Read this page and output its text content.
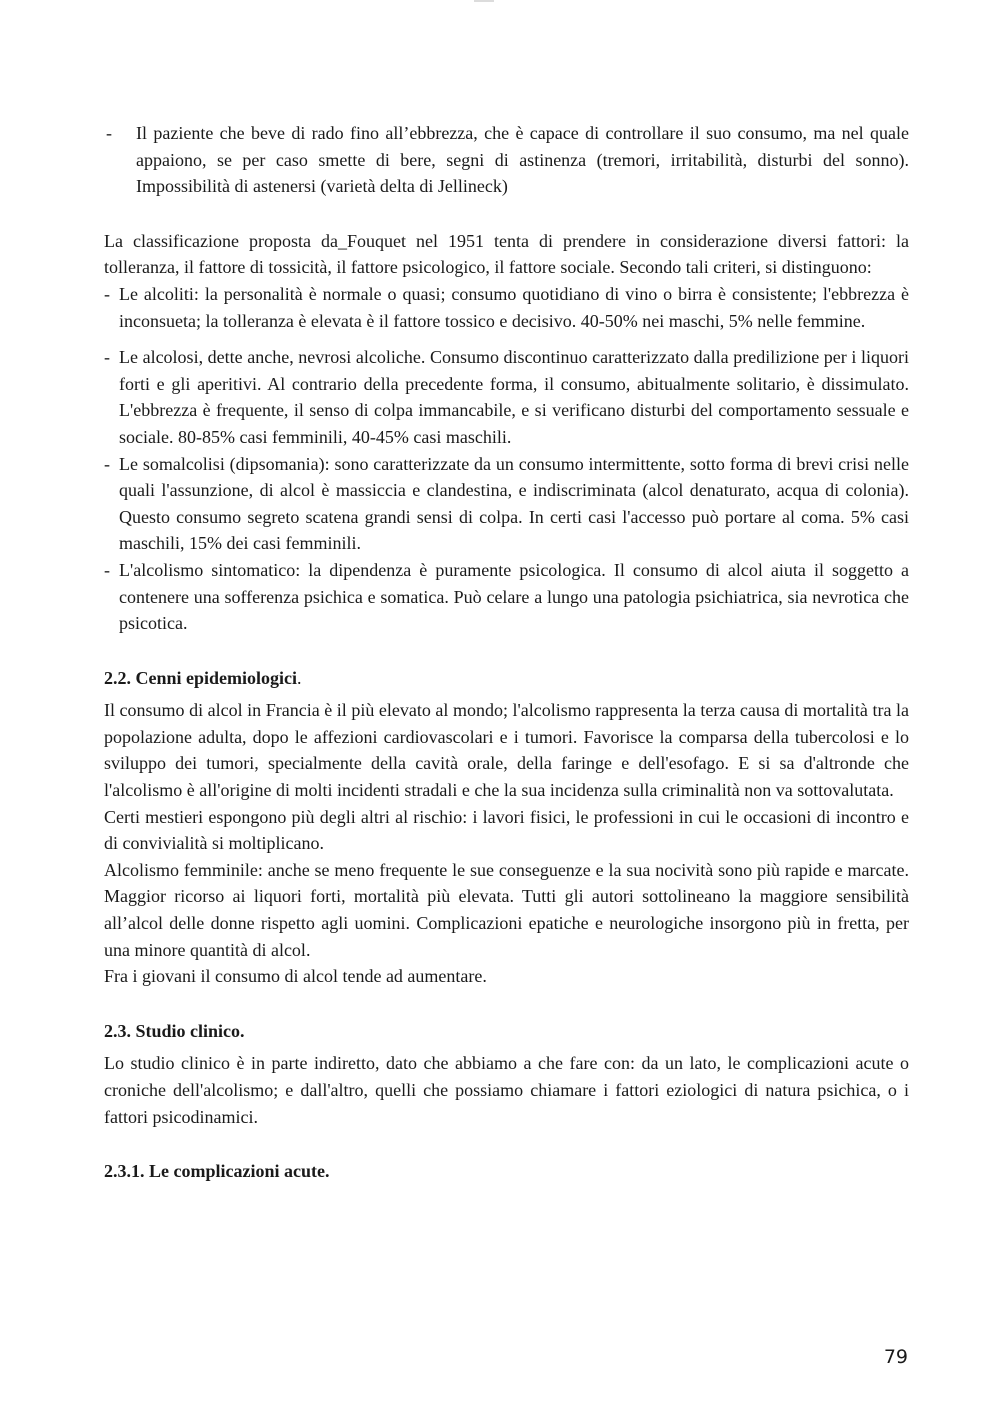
- Il paziente che beve di rado fino all’ebbrezza, che è capace di controllare il suo consumo, ma nel quale appaiono, se per caso smette di bere, segni di astinenza (tremori, irritabilità, disturbi del sonno). Impossibilità di astenersi (varietà delta di Jellineck)

La classificazione proposta da_Fouquet nel 1951 tenta di prendere in considerazione diversi fattori: la tolleranza, il fattore di tossicità, il fattore psicologico, il fattore sociale. Secondo tali criteri, si distinguono:

- Le alcoliti: la personalità è normale o quasi; consumo quotidiano di vino o birra è consistente; l'ebbrezza è inconsueta; la tolleranza è elevata è il fattore tossico e decisivo. 40-50% nei maschi, 5% nelle femmine.

- Le alcolosi, dette anche, nevrosi alcoliche. Consumo discontinuo caratterizzato dalla predilizione per i liquori forti e gli aperitivi. Al contrario della precedente forma, il consumo, abitualmente solitario, è dissimulato. L'ebbrezza è frequente, il senso di colpa immancabile, e si verificano disturbi del comportamento sessuale e sociale. 80-85% casi femminili, 40-45% casi maschili.

- Le somalcolisi (dipsomania): sono caratterizzate da un consumo intermittente, sotto forma di brevi crisi nelle quali l'assunzione, di alcol è massiccia e clandestina, e indiscriminata (alcol denaturato, acqua di colonia). Questo consumo segreto scatena grandi sensi di colpa. In certi casi l'accesso può portare al coma. 5% casi maschili, 15% dei casi femminili.

- L'alcolismo sintomatico: la dipendenza è puramente psicologica. Il consumo di alcol aiuta il soggetto a contenere una sofferenza psichica e somatica. Può celare a lungo una patologia psichiatrica, sia nevrotica che psicotica.

2.2. Cenni epidemiologici.

Il consumo di alcol in Francia è il più elevato al mondo; l'alcolismo rappresenta la terza causa di mortalità tra la popolazione adulta, dopo le affezioni cardiovascolari e i tumori. Favorisce la comparsa della tubercolosi e lo sviluppo dei tumori, specialmente della cavità orale, della faringe e dell'esofago. E si sa d'altronde che l'alcolismo è all'origine di molti incidenti stradali e che la sua incidenza sulla criminalità non va sottovalutata.

Certi mestieri espongono più degli altri al rischio: i lavori fisici, le professioni in cui le occasioni di incontro e di convivialità si moltiplicano.

Alcolismo femminile: anche se meno frequente le sue conseguenze e la sua nocività sono più rapide e marcate. Maggior ricorso ai liquori forti, mortalità più elevata. Tutti gli autori sottolineano la maggiore sensibilità all’alcol delle donne rispetto agli uomini. Complicazioni epatiche e neurologiche insorgono più in fretta, per una minore quantità di alcol.

Fra i giovani il consumo di alcol tende ad aumentare.

2.3. Studio clinico.

Lo studio clinico è in parte indiretto, dato che abbiamo a che fare con: da un lato, le complicazioni acute o croniche dell'alcolismo; e dall'altro, quelli che possiamo chiamare i fattori eziologici di natura psichica, o i fattori psicodinamici.

2.3.1. Le complicazioni acute.

79
